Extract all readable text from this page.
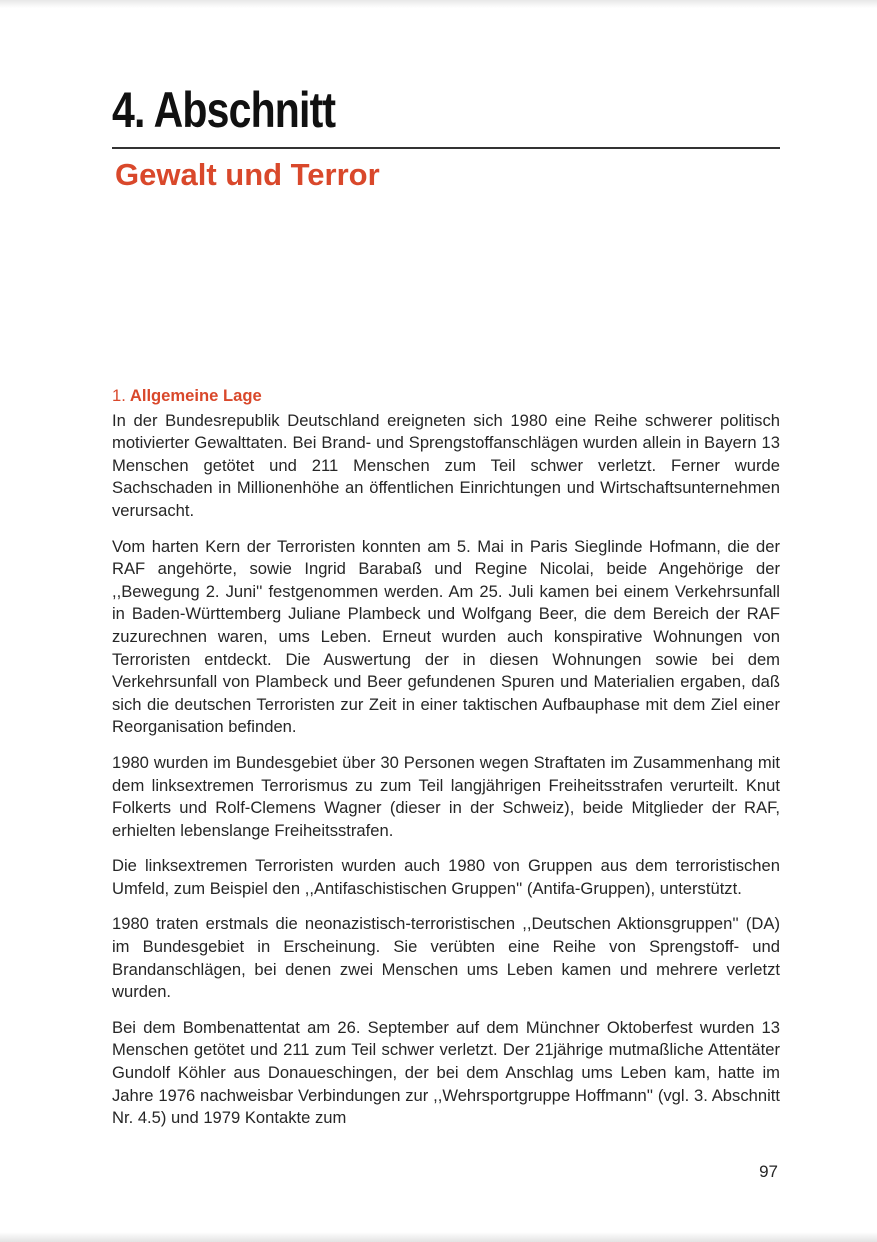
4. Abschnitt
Gewalt und Terror
1. Allgemeine Lage

In der Bundesrepublik Deutschland ereigneten sich 1980 eine Reihe schwerer politisch motivierter Gewalttaten. Bei Brand- und Sprengstoffanschlägen wurden allein in Bayern 13 Menschen getötet und 211 Menschen zum Teil schwer verletzt. Ferner wurde Sachschaden in Millionenhöhe an öffentlichen Einrichtungen und Wirtschaftsunternehmen verursacht.

Vom harten Kern der Terroristen konnten am 5. Mai in Paris Sieglinde Hofmann, die der RAF angehörte, sowie Ingrid Barabaß und Regine Nicolai, beide Angehörige der ,,Bewegung 2. Juni'' festgenommen werden. Am 25. Juli kamen bei einem Verkehrsunfall in Baden-Württemberg Juliane Plambeck und Wolfgang Beer, die dem Bereich der RAF zuzurechnen waren, ums Leben. Erneut wurden auch konspirative Wohnungen von Terroristen entdeckt. Die Auswertung der in diesen Wohnungen sowie bei dem Verkehrsunfall von Plambeck und Beer gefundenen Spuren und Materialien ergaben, daß sich die deutschen Terroristen zur Zeit in einer taktischen Aufbauphase mit dem Ziel einer Reorganisation befinden.

1980 wurden im Bundesgebiet über 30 Personen wegen Straftaten im Zusammenhang mit dem linksextremen Terrorismus zu zum Teil langjährigen Freiheitsstrafen verurteilt. Knut Folkerts und Rolf-Clemens Wagner (dieser in der Schweiz), beide Mitglieder der RAF, erhielten lebenslange Freiheitsstrafen.

Die linksextremen Terroristen wurden auch 1980 von Gruppen aus dem terroristischen Umfeld, zum Beispiel den ,,Antifaschistischen Gruppen'' (Antifa-Gruppen), unterstützt.

1980 traten erstmals die neonazistisch-terroristischen ,,Deutschen Aktionsgruppen'' (DA) im Bundesgebiet in Erscheinung. Sie verübten eine Reihe von Sprengstoff- und Brandanschlägen, bei denen zwei Menschen ums Leben kamen und mehrere verletzt wurden.

Bei dem Bombenattentat am 26. September auf dem Münchner Oktoberfest wurden 13 Menschen getötet und 211 zum Teil schwer verletzt. Der 21jährige mutmaßliche Attentäter Gundolf Köhler aus Donaueschingen, der bei dem Anschlag ums Leben kam, hatte im Jahre 1976 nachweisbar Verbindungen zur ,,Wehrsportgruppe Hoffmann'' (vgl. 3. Abschnitt Nr. 4.5) und 1979 Kontakte zum

97
